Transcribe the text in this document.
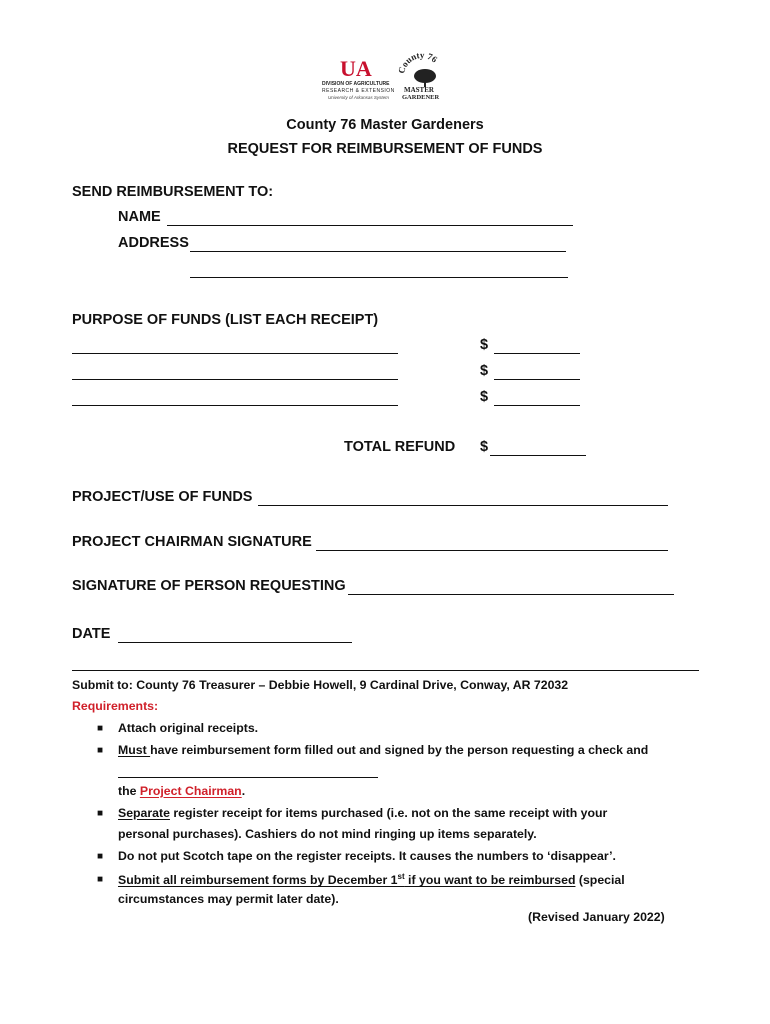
UA
DIVISION OF AGRICULTURE
RESEARCH & EXTENSION
University of Arkansas System
ounty 76
MASTER
GARDENER
County 76 Master Gardeners
REQUEST FOR REIMBURSEMENT OF FUNDS
SEND REIMBURSEMENT TO:
NAME
ADDRESS
PURPOSE OF FUNDS (LIST EACH RECEIPT)
$
$
$
TOTAL REFUND $
PROJECT/USE OF FUNDS
PROJECT CHAIRMAN SIGNATURE
SIGNATURE OF PERSON REQUESTING
DATE
Submit to: County 76 Treasurer – Debbie Howell, 9 Cardinal Drive, Conway, AR 72032
Requirements:
■ Attach original receipts.
■ Must have reimbursement form filled out and signed by the person requesting a check and
the Project Chairman.
■ Separate register receipt for items purchased (i.e. not on the same receipt with your
personal purchases). Cashiers do not mind ringing up items separately.
■ Do not put Scotch tape on the register receipts. It causes the numbers to ‘disappear’.
■ Submit all reimbursement forms by December 1st if you want to be reimbursed (special
circumstances may permit later date).
(Revised January 2022)
